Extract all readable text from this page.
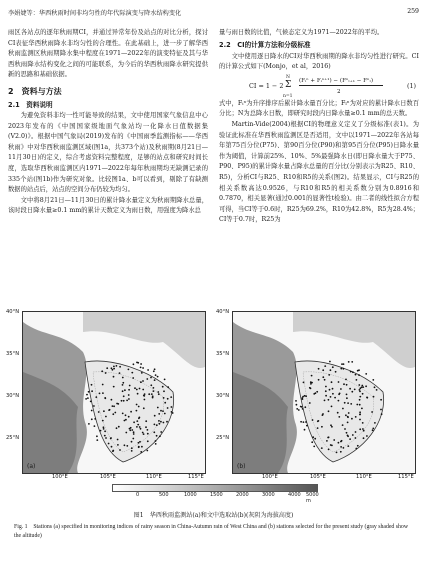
李娟婕等：华西秋雨时间非均匀性的年代际演变与降水结构变化	259

雨区各站点的逐年秋雨期CI，并通过异常年份及站点的对比分析，探讨CI表征华西秋雨降水非均匀性的合理性。在此基础上，进一步了解华西秋雨监测区秋雨期降水集中程度在1971—2022年的演变特征及其与华西秋雨降水结构变化之间的可能联系，为今后的华西秋雨降水研究提供新的思路和基础依据。

2　资料与方法
2.1　资料说明

为避免资料非均一性可能导致的结果，文中使用国家气象信息中心2023年发布的《中国国家级地面气象站均一化降水日值数据集(V2.0)》。根据中国气象局(2019)发布的《中国雨季监测指标——华西秋雨》中对华西秋雨监测区域(图1a，共373个站)及秋雨期(8月21日—11月30日)的定义，综合考虑资料完整程度，足够的站点和研究时间长度，选取华西秋雨监测区内1971—2022年每年秋雨期均无缺测记录的335个站(图1b)作为研究对象。比较图1a、b可以看到，剔除了有缺测数据的站点后，站点的空间分布仍较为均匀。

文中将8月21日—11月30日的累计降水量定义为秋雨期降水总量，该时段日降水量≥0.1 mm的累计天数定义为雨日数，用强度为降水总

量与雨日数的比值，气候态定义为1971—2022年的平均。

2.2　CI的计算方法和分级标准

文中使用逐日降水的CI对华西秋雨期的降水非均匀性进行研究。CI的计算公式如下(Monjo，et al，2016)

CI = 1 − 2 Σ
N
n=1
(Fᵢⁿ + Fᵢⁿ⁺¹) − (Fⁿₗ₊₁ − Fⁿₗ)
2
(1)

式中，Fᵢⁿ为升序排序后累计降水量百分比；Fₗⁿ为对应的累计降水日数百分比；N为总降水日数，即研究时段内日降水量≥0.1 mm的总天数。

Martin-Vide(2004)根据CI的物理意义定义了分级标准(表1)。为验证此标准在华西秋雨监测区是否适用，文中以1971—2022年各站每年第75百分位(P75)、第90百分位(P90)和第95百分位(P95)日降水量作为阈值，计算前25%、10%、5%最强降水日(即日降水量大于P75、P90、P95)的累计降水量占降水总量的百分比(分别表示为R25、R10、R5)，分析CI与R25、R10和R5的关系(图2)。结果显示，CI与R25的相关系数高达0.9526，与R10和R5的相关系数分别为0.8916和0.7870，相关显著(通过0.001的显著性t检验)。由二者的线性拟合方程可得，当CI等于0.6时，R25为69.2%，R10为42.8%，R5为28.4%；CI等于0.7时，R25为

(a)	(b)
40°N
35°N
30°N
25°N
40°N
35°N
30°N
25°N
100°E	105°E	110°E	115°E	100°E	105°E	110°E	115°E
0	500	1000	1500	2000	3000	4000 5000 m
图1　华西秋雨监测站(a)和文中选取站(b)(灰阴为海拔高度)
Fig. 1　Stations (a) specified in monitoring indices of rainy season in China-Autumn rain of West China and (b) stations selected for the present study (gray shaded show the altitude)
